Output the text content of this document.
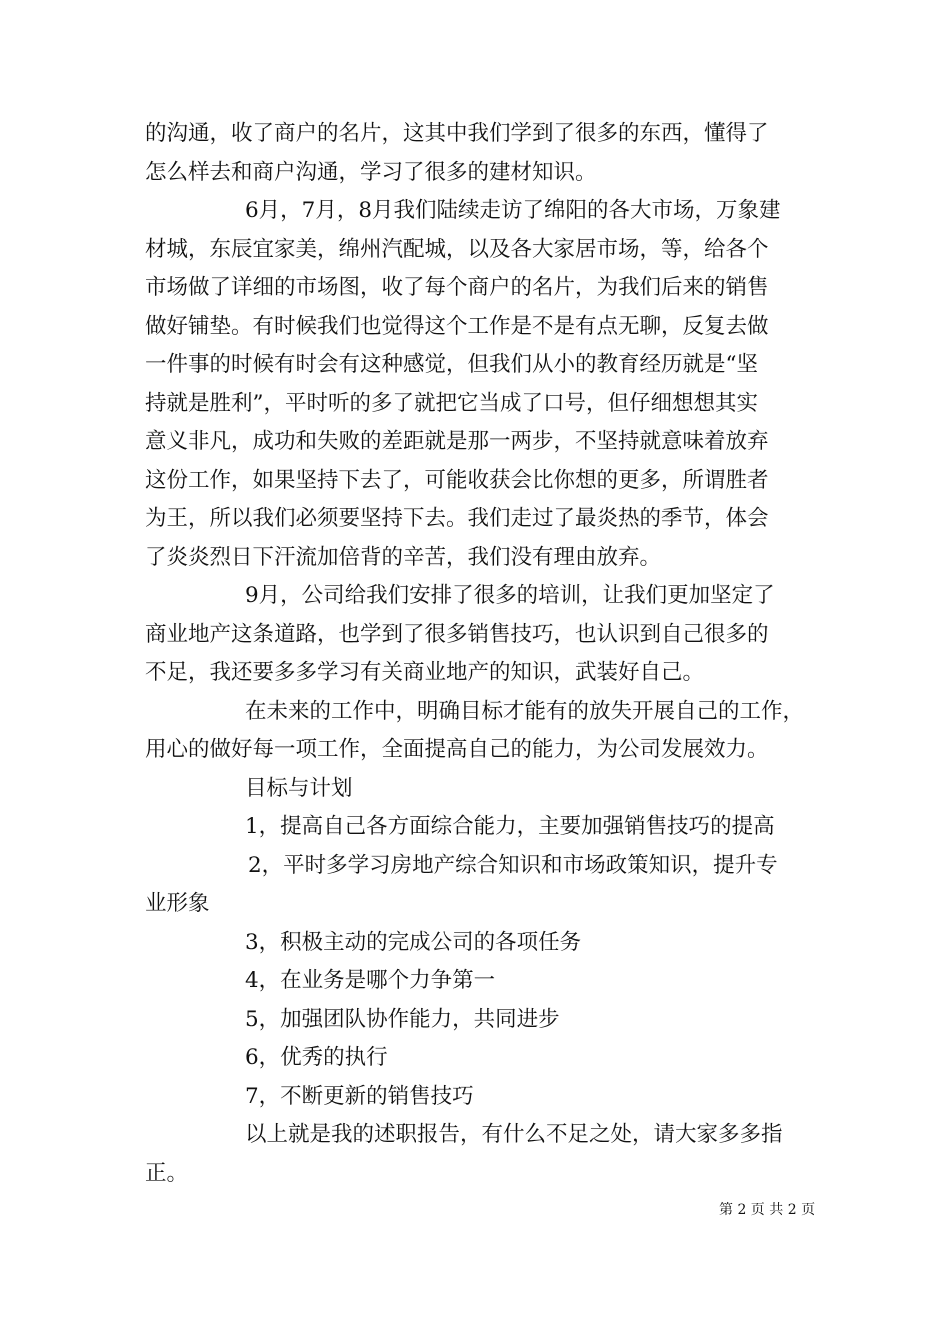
的沟通，收了商户的名片，这其中我们学到了很多的东西，懂得了
怎么样去和商户沟通，学习了很多的建材知识。
6月，7月，8月我们陆续走访了绵阳的各大市场，万象建
材城，东辰宜家美，绵州汽配城，以及各大家居市场，等，给各个
市场做了详细的市场图，收了每个商户的名片，为我们后来的销售
做好铺垫。有时候我们也觉得这个工作是不是有点无聊，反复去做
一件事的时候有时会有这种感觉，但我们从小的教育经历就是“坚
持就是胜利”，平时听的多了就把它当成了口号，但仔细想想其实
意义非凡，成功和失败的差距就是那一两步，不坚持就意味着放弃
这份工作，如果坚持下去了，可能收获会比你想的更多，所谓胜者
为王，所以我们必须要坚持下去。我们走过了最炎热的季节，体会
了炎炎烈日下汗流加倍背的辛苦，我们没有理由放弃。
9月，公司给我们安排了很多的培训，让我们更加坚定了
商业地产这条道路，也学到了很多销售技巧，也认识到自己很多的
不足，我还要多多学习有关商业地产的知识，武装好自己。
在未来的工作中，明确目标才能有的放失开展自己的工作，
用心的做好每一项工作，全面提高自己的能力，为公司发展效力。
目标与计划
1，提高自己各方面综合能力，主要加强销售技巧的提高
2，平时多学习房地产综合知识和市场政策知识，提升专
业形象
3，积极主动的完成公司的各项任务
4，在业务是哪个力争第一
5，加强团队协作能力，共同进步
6，优秀的执行
7，不断更新的销售技巧
以上就是我的述职报告，有什么不足之处，请大家多多指
正。
第 2 页 共 2 页
